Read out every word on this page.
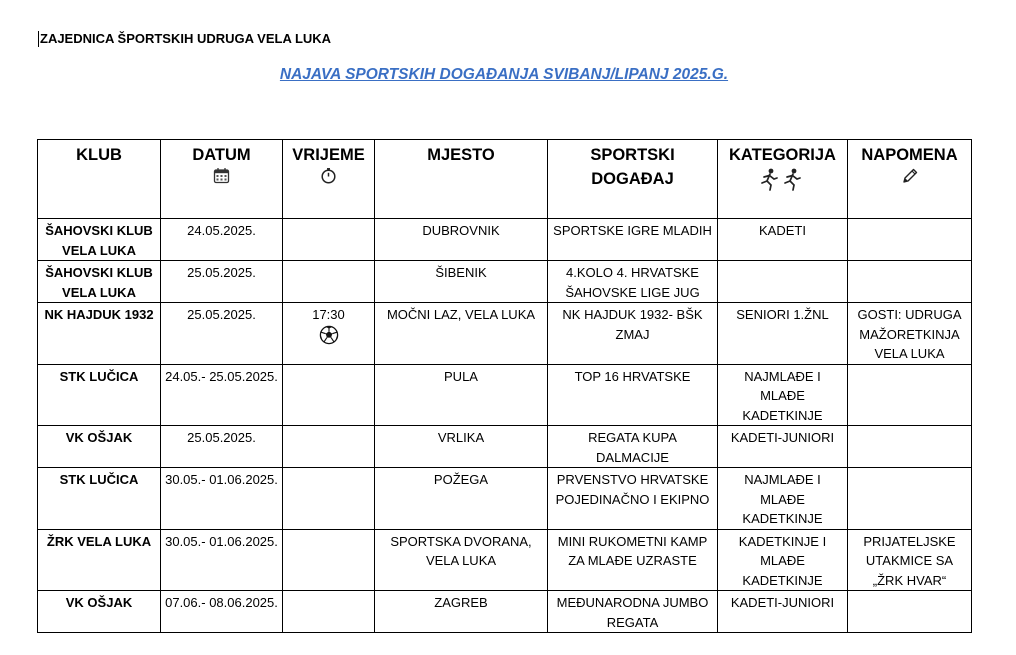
ZAJEDNICA ŠPORTSKIH UDRUGA VELA LUKA
NAJAVA SPORTSKIH DOGAĐANJA SVIBANJ/LIPANJ 2025.G.
KLUB	DATUM	VRIJEME	MJESTO	SPORTSKI DOGAĐAJ	KATEGORIJA	NAPOMENA

ŠAHOVSKI KLUB VELA LUKA	24.05.2025.		DUBROVNIK	SPORTSKE IGRE MLADIH	KADETI	
ŠAHOVSKI KLUB VELA LUKA	25.05.2025.		ŠIBENIK	4.KOLO 4. HRVATSKE ŠAHOVSKE LIGE JUG		
NK HAJDUK 1932	25.05.2025.	17:30	MOČNI LAZ, VELA LUKA	NK HAJDUK 1932- BŠK ZMAJ	SENIORI 1.ŽNL	GOSTI: UDRUGA MAŽORETKINJA VELA LUKA
STK LUČICA	24.05.- 25.05.2025.		PULA	TOP 16 HRVATSKE	NAJMLAĐE I MLAĐE KADETKINJE	
VK OŠJAK	25.05.2025.		VRLIKA	REGATA KUPA DALMACIJE	KADETI-JUNIORI	
STK LUČICA	30.05.- 01.06.2025.		POŽEGA	PRVENSTVO HRVATSKE POJEDINAČNO I EKIPNO	NAJMLAĐE I MLAĐE KADETKINJE	
ŽRK VELA LUKA	30.05.- 01.06.2025.		SPORTSKA DVORANA, VELA LUKA	MINI RUKOMETNI KAMP ZA MLAĐE UZRASTE	KADETKINJE I MLAĐE KADETKINJE	PRIJATELJSKE UTAKMICE SA „ŽRK HVAR“
VK OŠJAK	07.06.- 08.06.2025.		ZAGREB	MEĐUNARODNA JUMBO REGATA	KADETI-JUNIORI	
